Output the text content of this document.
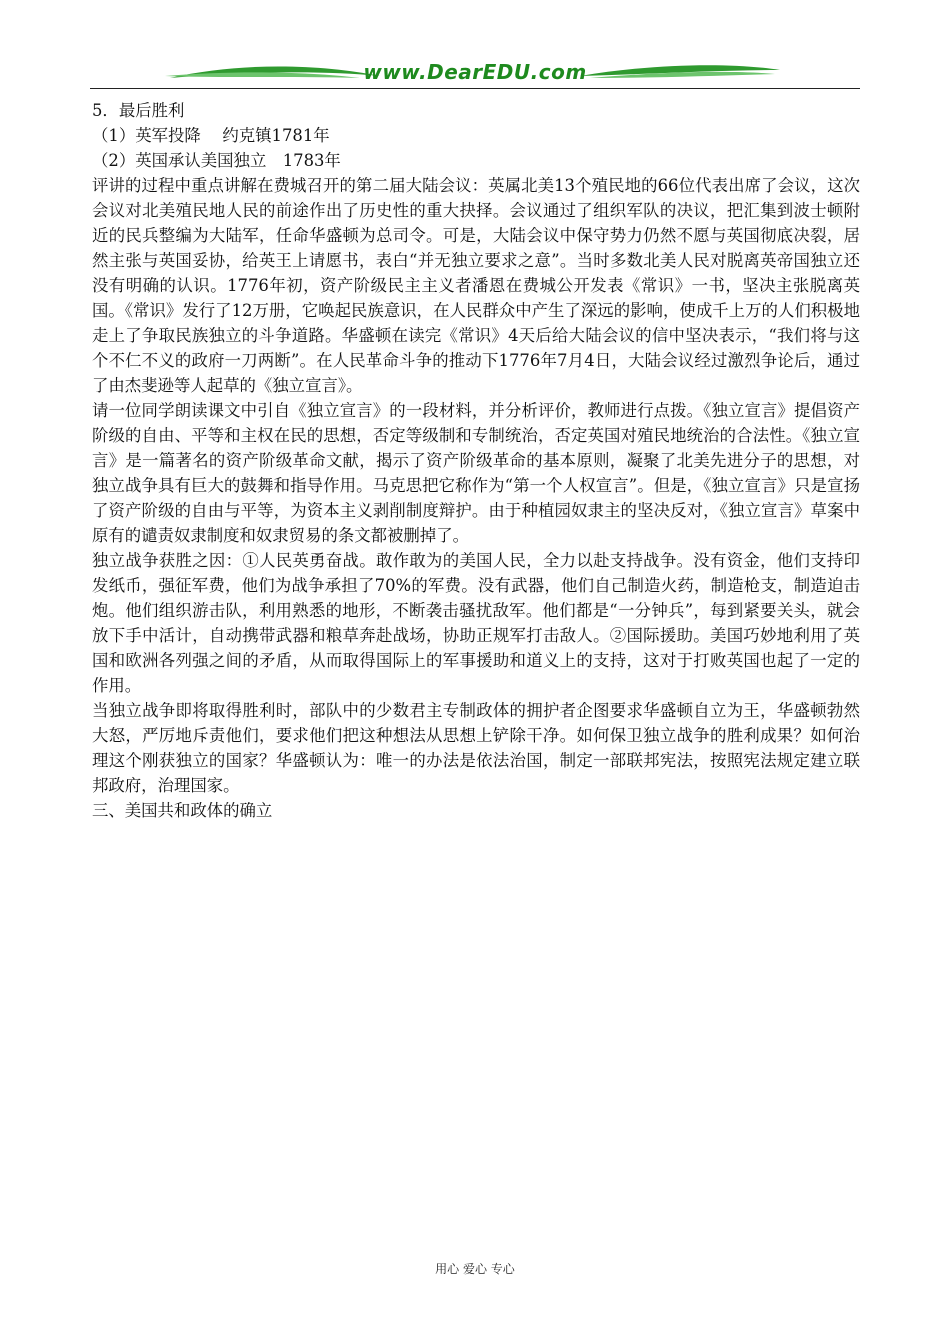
www.DearEDU.com

5．最后胜利

（1）英军投降　 约克镇1781年

（2）英国承认美国独立　1783年

评讲的过程中重点讲解在费城召开的第二届大陆会议：英属北美13个殖民地的66位代表出席了会议，这次会议对北美殖民地人民的前途作出了历史性的重大抉择。会议通过了组织军队的决议，把汇集到波士顿附近的民兵整编为大陆军，任命华盛顿为总司令。可是，大陆会议中保守势力仍然不愿与英国彻底决裂，居然主张与英国妥协，给英王上请愿书，表白“并无独立要求之意”。当时多数北美人民对脱离英帝国独立还没有明确的认识。1776年初，资产阶级民主主义者潘恩在费城公开发表《常识》一书，坚决主张脱离英国。《常识》发行了12万册，它唤起民族意识，在人民群众中产生了深远的影响，使成千上万的人们积极地走上了争取民族独立的斗争道路。华盛顿在读完《常识》4天后给大陆会议的信中坚决表示，“我们将与这个不仁不义的政府一刀两断”。在人民革命斗争的推动下1776年7月4日，大陆会议经过激烈争论后，通过了由杰斐逊等人起草的《独立宣言》。

请一位同学朗读课文中引自《独立宣言》的一段材料，并分析评价，教师进行点拨。《独立宣言》提倡资产阶级的自由、平等和主权在民的思想，否定等级制和专制统治，否定英国对殖民地统治的合法性。《独立宣言》是一篇著名的资产阶级革命文献，揭示了资产阶级革命的基本原则，凝聚了北美先进分子的思想，对独立战争具有巨大的鼓舞和指导作用。马克思把它称作为“第一个人权宣言”。但是，《独立宣言》只是宣扬了资产阶级的自由与平等，为资本主义剥削制度辩护。由于种植园奴隶主的坚决反对，《独立宣言》草案中原有的谴责奴隶制度和奴隶贸易的条文都被删掉了。

独立战争获胜之因：①人民英勇奋战。敢作敢为的美国人民，全力以赴支持战争。没有资金，他们支持印发纸币，强征军费，他们为战争承担了70%的军费。没有武器，他们自己制造火药，制造枪支，制造迫击炮。他们组织游击队，利用熟悉的地形，不断袭击骚扰敌军。他们都是“一分钟兵”，每到紧要关头，就会放下手中活计，自动携带武器和粮草奔赴战场，协助正规军打击敌人。②国际援助。美国巧妙地利用了英国和欧洲各列强之间的矛盾，从而取得国际上的军事援助和道义上的支持，这对于打败英国也起了一定的作用。

当独立战争即将取得胜利时，部队中的少数君主专制政体的拥护者企图要求华盛顿自立为王，华盛顿勃然大怒，严厉地斥责他们，要求他们把这种想法从思想上铲除干净。如何保卫独立战争的胜利成果？如何治理这个刚获独立的国家？华盛顿认为：唯一的办法是依法治国，制定一部联邦宪法，按照宪法规定建立联邦政府，治理国家。

三、美国共和政体的确立

用心 爱心 专心
